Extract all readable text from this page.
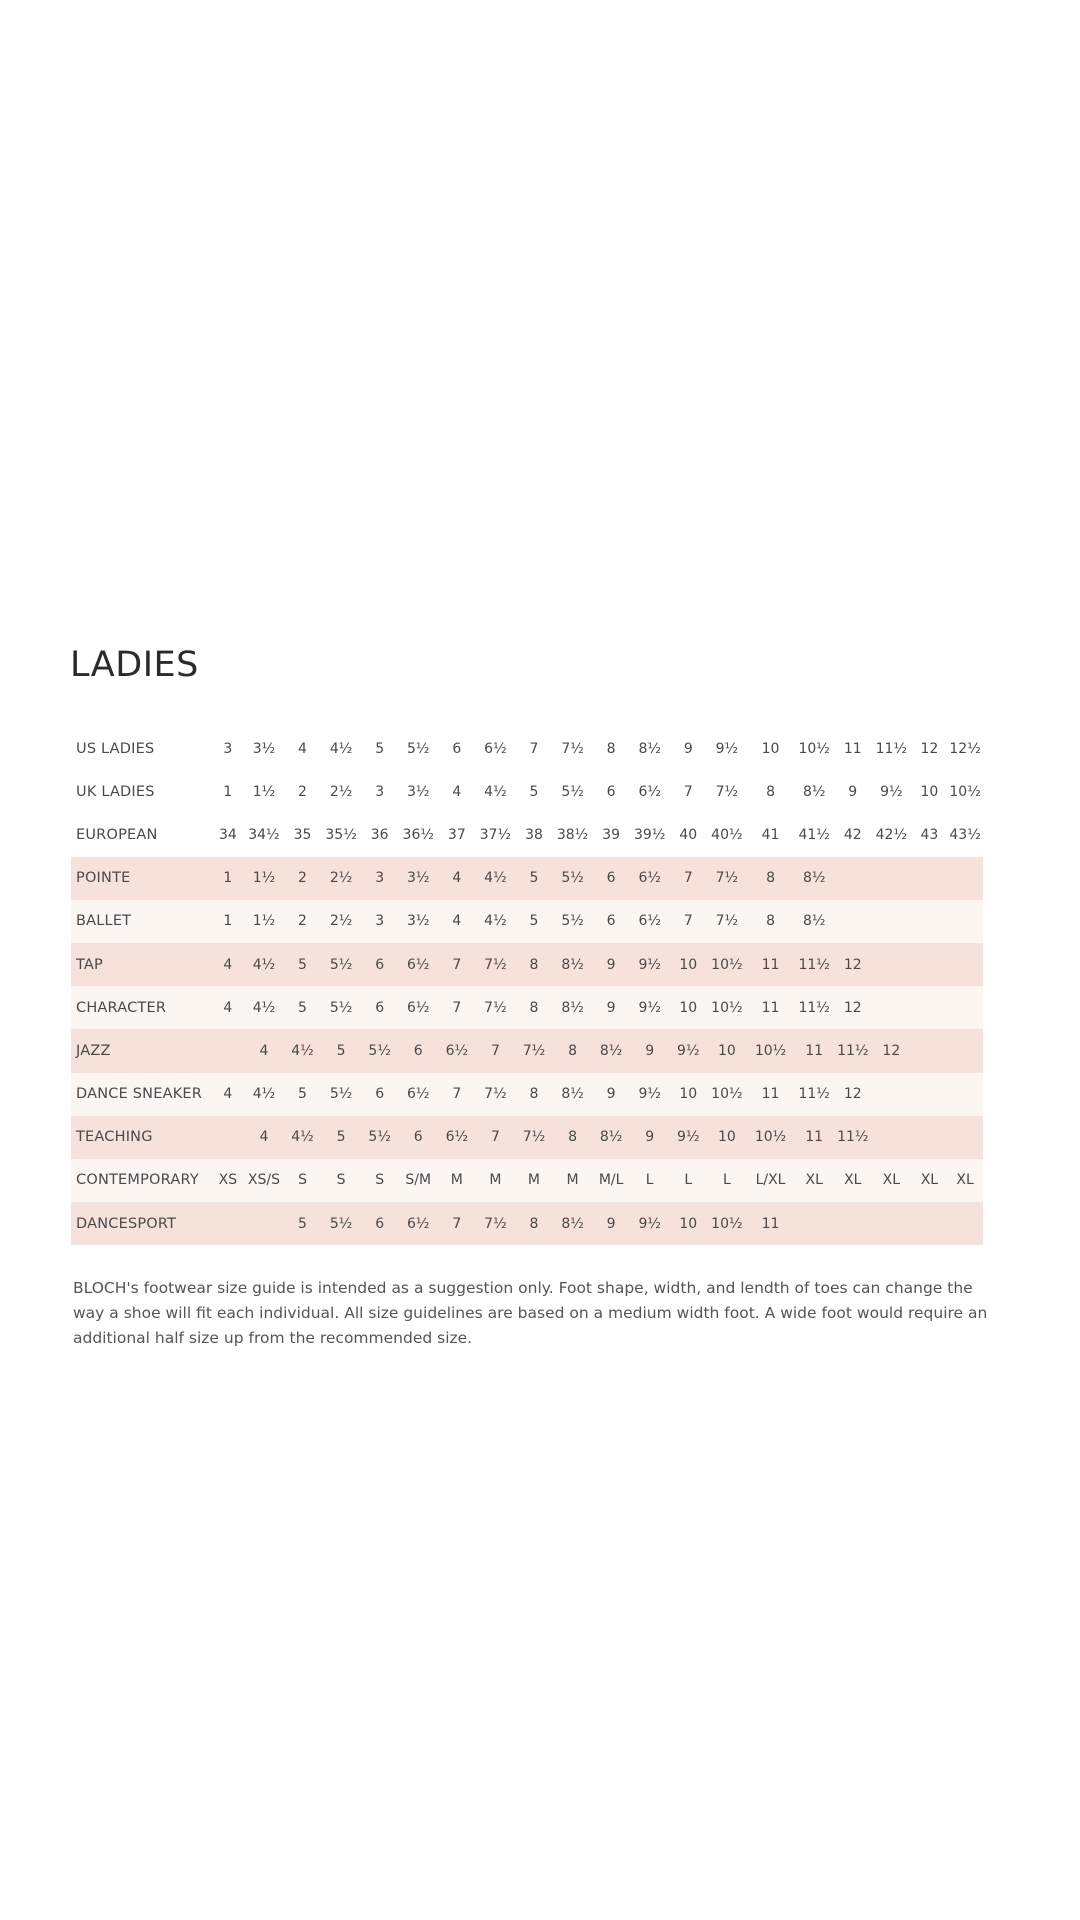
LADIES
US LADIES	3	3½	4	4½	5	5½	6	6½	7	7½	8	8½	9	9½	10	10½	11	11½	12	12½
UK LADIES	1	1½	2	2½	3	3½	4	4½	5	5½	6	6½	7	7½	8	8½	9	9½	10	10½
EUROPEAN	34	34½	35	35½	36	36½	37	37½	38	38½	39	39½	40	40½	41	41½	42	42½	43	43½
POINTE	1	1½	2	2½	3	3½	4	4½	5	5½	6	6½	7	7½	8	8½				
BALLET	1	1½	2	2½	3	3½	4	4½	5	5½	6	6½	7	7½	8	8½				
TAP	4	4½	5	5½	6	6½	7	7½	8	8½	9	9½	10	10½	11	11½	12			
CHARACTER	4	4½	5	5½	6	6½	7	7½	8	8½	9	9½	10	10½	11	11½	12			
JAZZ		4	4½	5	5½	6	6½	7	7½	8	8½	9	9½	10	10½	11	11½	12		
DANCE SNEAKER	4	4½	5	5½	6	6½	7	7½	8	8½	9	9½	10	10½	11	11½	12			
TEACHING		4	4½	5	5½	6	6½	7	7½	8	8½	9	9½	10	10½	11	11½			
CONTEMPORARY	XS	XS/S	S	S	S	S/M	M	M	M	M	M/L	L	L	L	L/XL	XL	XL	XL	XL	XL
DANCESPORT			5	5½	6	6½	7	7½	8	8½	9	9½	10	10½	11					

BLOCH's footwear size guide is intended as a suggestion only. Foot shape, width, and lendth of toes can change the way a shoe will fit each individual. All size guidelines are based on a medium width foot. A wide foot would require an additional half size up from the recommended size.
